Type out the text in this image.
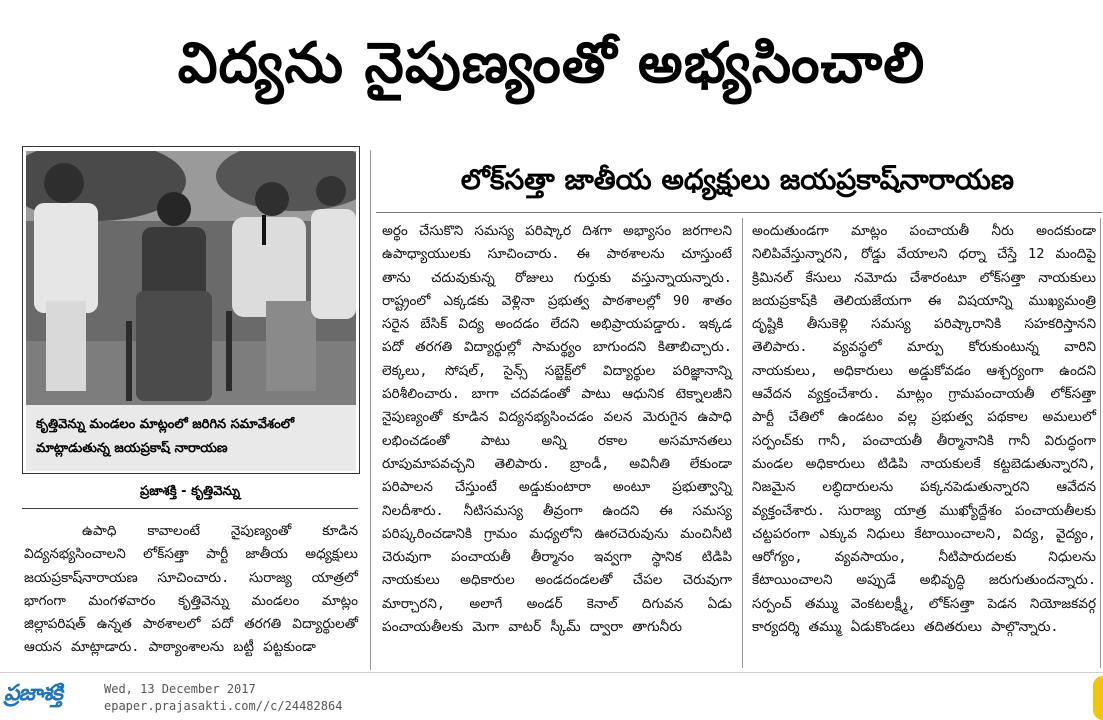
విద్యను నైపుణ్యంతో అభ్యసించాలి
కృత్తివెన్ను మండలం మాట్లంలో జరిగిన సమావేశంలో
మాట్లాడుతున్న జయప్రకాష్ నారాయణ
ప్రజాశక్తి - కృత్తివెన్ను
లోక్‌సత్తా జాతీయ అధ్యక్షులు జయప్రకాష్‌నారాయణ

ఉపాధి కావాలంటే నైపుణ్యంతో కూడిన విద్యనభ్యసించాలని లోక్‌సత్తా పార్టీ జాతీయ అధ్యక్షులు జయప్రకాష్‌నారాయణ సూచించారు. సురాజ్య యాత్రలో భాగంగా మంగళవారం కృత్తివెన్ను మండలం మాట్లం జిల్లాపరిషత్ ఉన్నత పాఠశాలలో పదో తరగతి విద్యార్థులతో ఆయన మాట్లాడారు. పాఠ్యాంశాలను బట్టీ పట్టకుండా

అర్థం చేసుకొని సమస్య పరిష్కార దిశగా అభ్యాసం జరగాలని ఉపాధ్యాయులకు సూచించారు. ఈ పాఠశాలను చూస్తుంటే తాను చదువుకున్న రోజులు గుర్తుకు వస్తున్నాయన్నారు. రాష్ట్రంలో ఎక్కడకు వెళ్లినా ప్రభుత్వ పాఠశాలల్లో 90 శాతం సరైన బేసిక్ విద్య అందడం లేదని అభిప్రాయపడ్డారు. ఇక్కడ పదో తరగతి విద్యార్థుల్లో సామర్థ్యం బాగుందని కితాబిచ్చారు. లెక్కలు, సోషల్, సైన్స్ సబ్జెక్ట్‌లో విద్యార్థుల పరిజ్ఞానాన్ని పరిశీలించారు. బాగా చదవడంతో పాటు ఆధునిక టెక్నాలజీని నైపుణ్యంతో కూడిన విద్యనభ్యసించడం వలన మెరుగైన ఉపాధి లభించడంతో పాటు అన్ని రకాల అసమానతలు రూపుమాపవచ్చని తెలిపారు. బ్రాండీ, అవినీతి లేకుండా పరిపాలన చేస్తుంటే అడ్డుకుంటారా అంటూ ప్రభుత్వాన్ని నిలదీశారు. నీటిసమస్య తీవ్రంగా ఉందని ఈ సమస్య పరిష్కరించడానికి గ్రామం మధ్యలోని ఊరచెరువును మంచినీటి చెరువుగా పంచాయతీ తీర్మానం ఇవ్వగా స్థానిక టిడిపి నాయకులు అధికారుల అండదండలతో చేపల చెరువుగా మార్చారని, అలాగే అండర్ కెనాల్ దిగువన ఏడు పంచాయతీలకు మెగా వాటర్ స్కీమ్ ద్వారా తాగునీరు

అందుతుండగా మాట్లం పంచాయతీ నీరు అందకుండా నిలిపివేస్తున్నారని, రోడ్డు వేయాలని ధర్నా చేస్తే 12 మందిపై క్రిమినల్ కేసులు నమోదు చేశారంటూ లోక్‌సత్తా నాయకులు జయప్రకాష్‌కి తెలియజేయగా ఈ విషయాన్ని ముఖ్యమంత్రి దృష్టికి తీసుకెళ్లి సమస్య పరిష్కారానికి సహకరిస్తానని తెలిపారు. వ్యవస్థలో మార్పు కోరుకుంటున్న వారిని నాయకులు, అధికారులు అడ్డుకోవడం ఆశ్చర్యంగా ఉందని ఆవేదన వ్యక్తంచేశారు. మాట్లం గ్రామపంచాయతీ లోక్‌సత్తా పార్టీ చేతిలో ఉండటం వల్ల ప్రభుత్వ పథకాల అమలులో సర్పంచ్‌కు గానీ, పంచాయతీ తీర్మానానికి గానీ విరుద్ధంగా మండల అధికారులు టిడిపి నాయకులకే కట్టబెడుతున్నారని, నిజమైన లబ్ధిదారులను పక్కనపెడుతున్నారని ఆవేదన వ్యక్తంచేశారు. సురాజ్య యాత్ర ముఖ్యోద్దేశం పంచాయతీలకు చట్టపరంగా ఎక్కువ నిధులు కేటాయించాలని, విద్య, వైద్యం, ఆరోగ్యం, వ్యవసాయం, నీటిపారుదలకు నిధులను కేటాయించాలని అప్పుడే అభివృద్ధి జరుగుతుందన్నారు. సర్పంచ్ తమ్ము వెంకటలక్ష్మీ, లోక్‌సత్తా పెడన నియోజకవర్గ కార్యదర్శి తమ్ము ఏడుకొండలు తదితరులు పాల్గొన్నారు.

ప్రజాశక్తి	Wed, 13 December 2017
epaper.prajasakti.com//c/24482864
